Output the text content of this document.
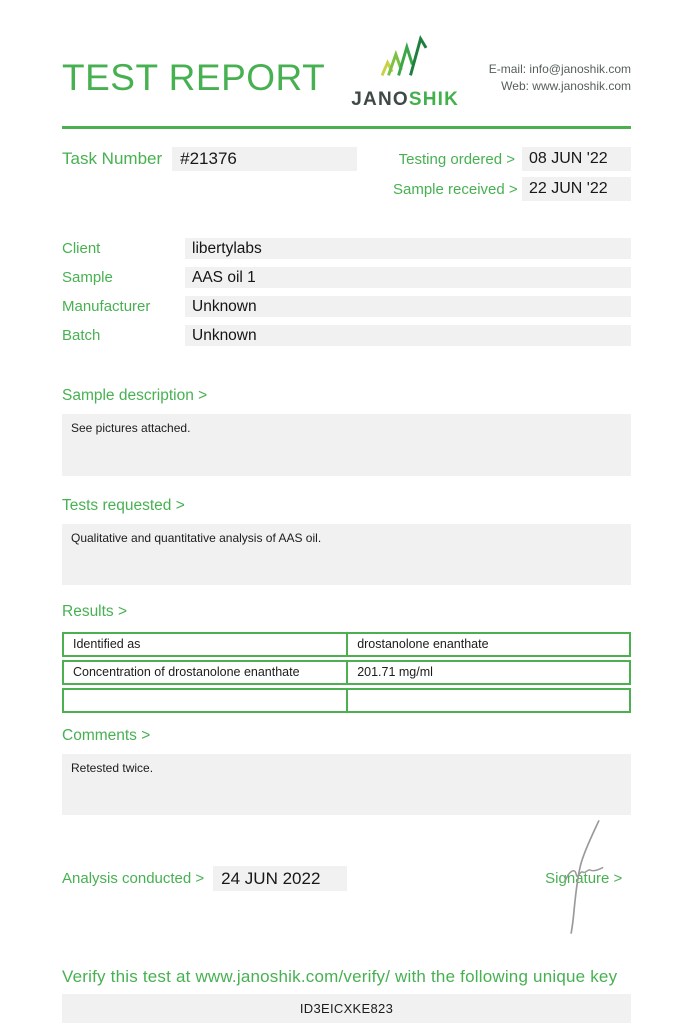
TEST REPORT
JANOSHIK
E-mail: info@janoshik.com
Web: www.janoshik.com
Task Number	#21376	Testing ordered > 08 JUN '22
Sample received > 22 JUN '22
Client	libertylabs
Sample	AAS oil 1
Manufacturer	Unknown
Batch	Unknown
Sample description >
See pictures attached.
Tests requested >
Qualitative and quantitative analysis of AAS oil.
Results >
Identified as	drostanolone enanthate
Concentration of drostanolone enanthate	201.71 mg/ml
Comments >
Retested twice.
Analysis conducted >	24 JUN 2022	Signature >
Verify this test at www.janoshik.com/verify/ with the following unique key
ID3EICXKE823
